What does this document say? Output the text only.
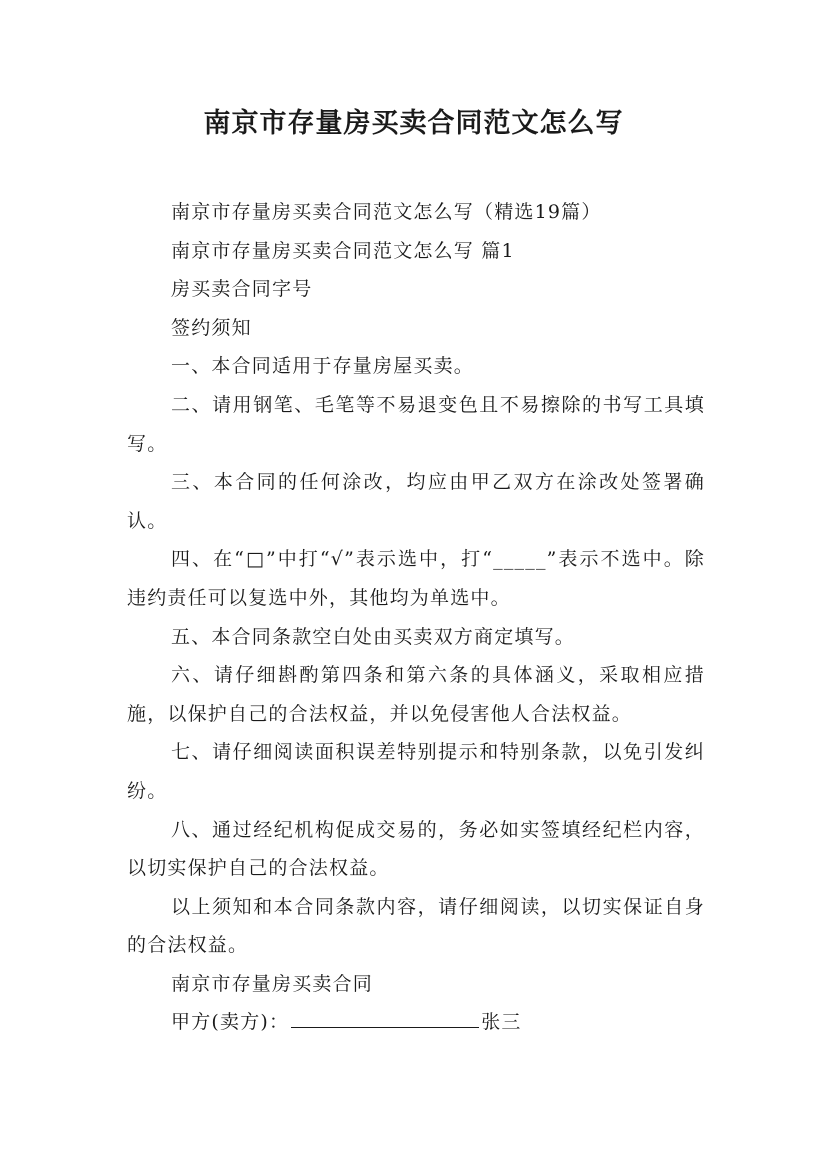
南京市存量房买卖合同范文怎么写

南京市存量房买卖合同范文怎么写（精选19篇）

南京市存量房买卖合同范文怎么写 篇1

房买卖合同字号

签约须知

一、本合同适用于存量房屋买卖。

二、请用钢笔、毛笔等不易退变色且不易擦除的书写工具填写。

三、本合同的任何涂改，均应由甲乙双方在涂改处签署确认。

四、在“□”中打“√”表示选中，打“_____”表示不选中。除违约责任可以复选中外，其他均为单选中。

五、本合同条款空白处由买卖双方商定填写。

六、请仔细斟酌第四条和第六条的具体涵义，采取相应措施，以保护自己的合法权益，并以免侵害他人合法权益。

七、请仔细阅读面积误差特别提示和特别条款，以免引发纠纷。

八、通过经纪机构促成交易的，务必如实签填经纪栏内容，以切实保护自己的合法权益。

以上须知和本合同条款内容，请仔细阅读，以切实保证自身的合法权益。

南京市存量房买卖合同

甲方(卖方)：	张三
